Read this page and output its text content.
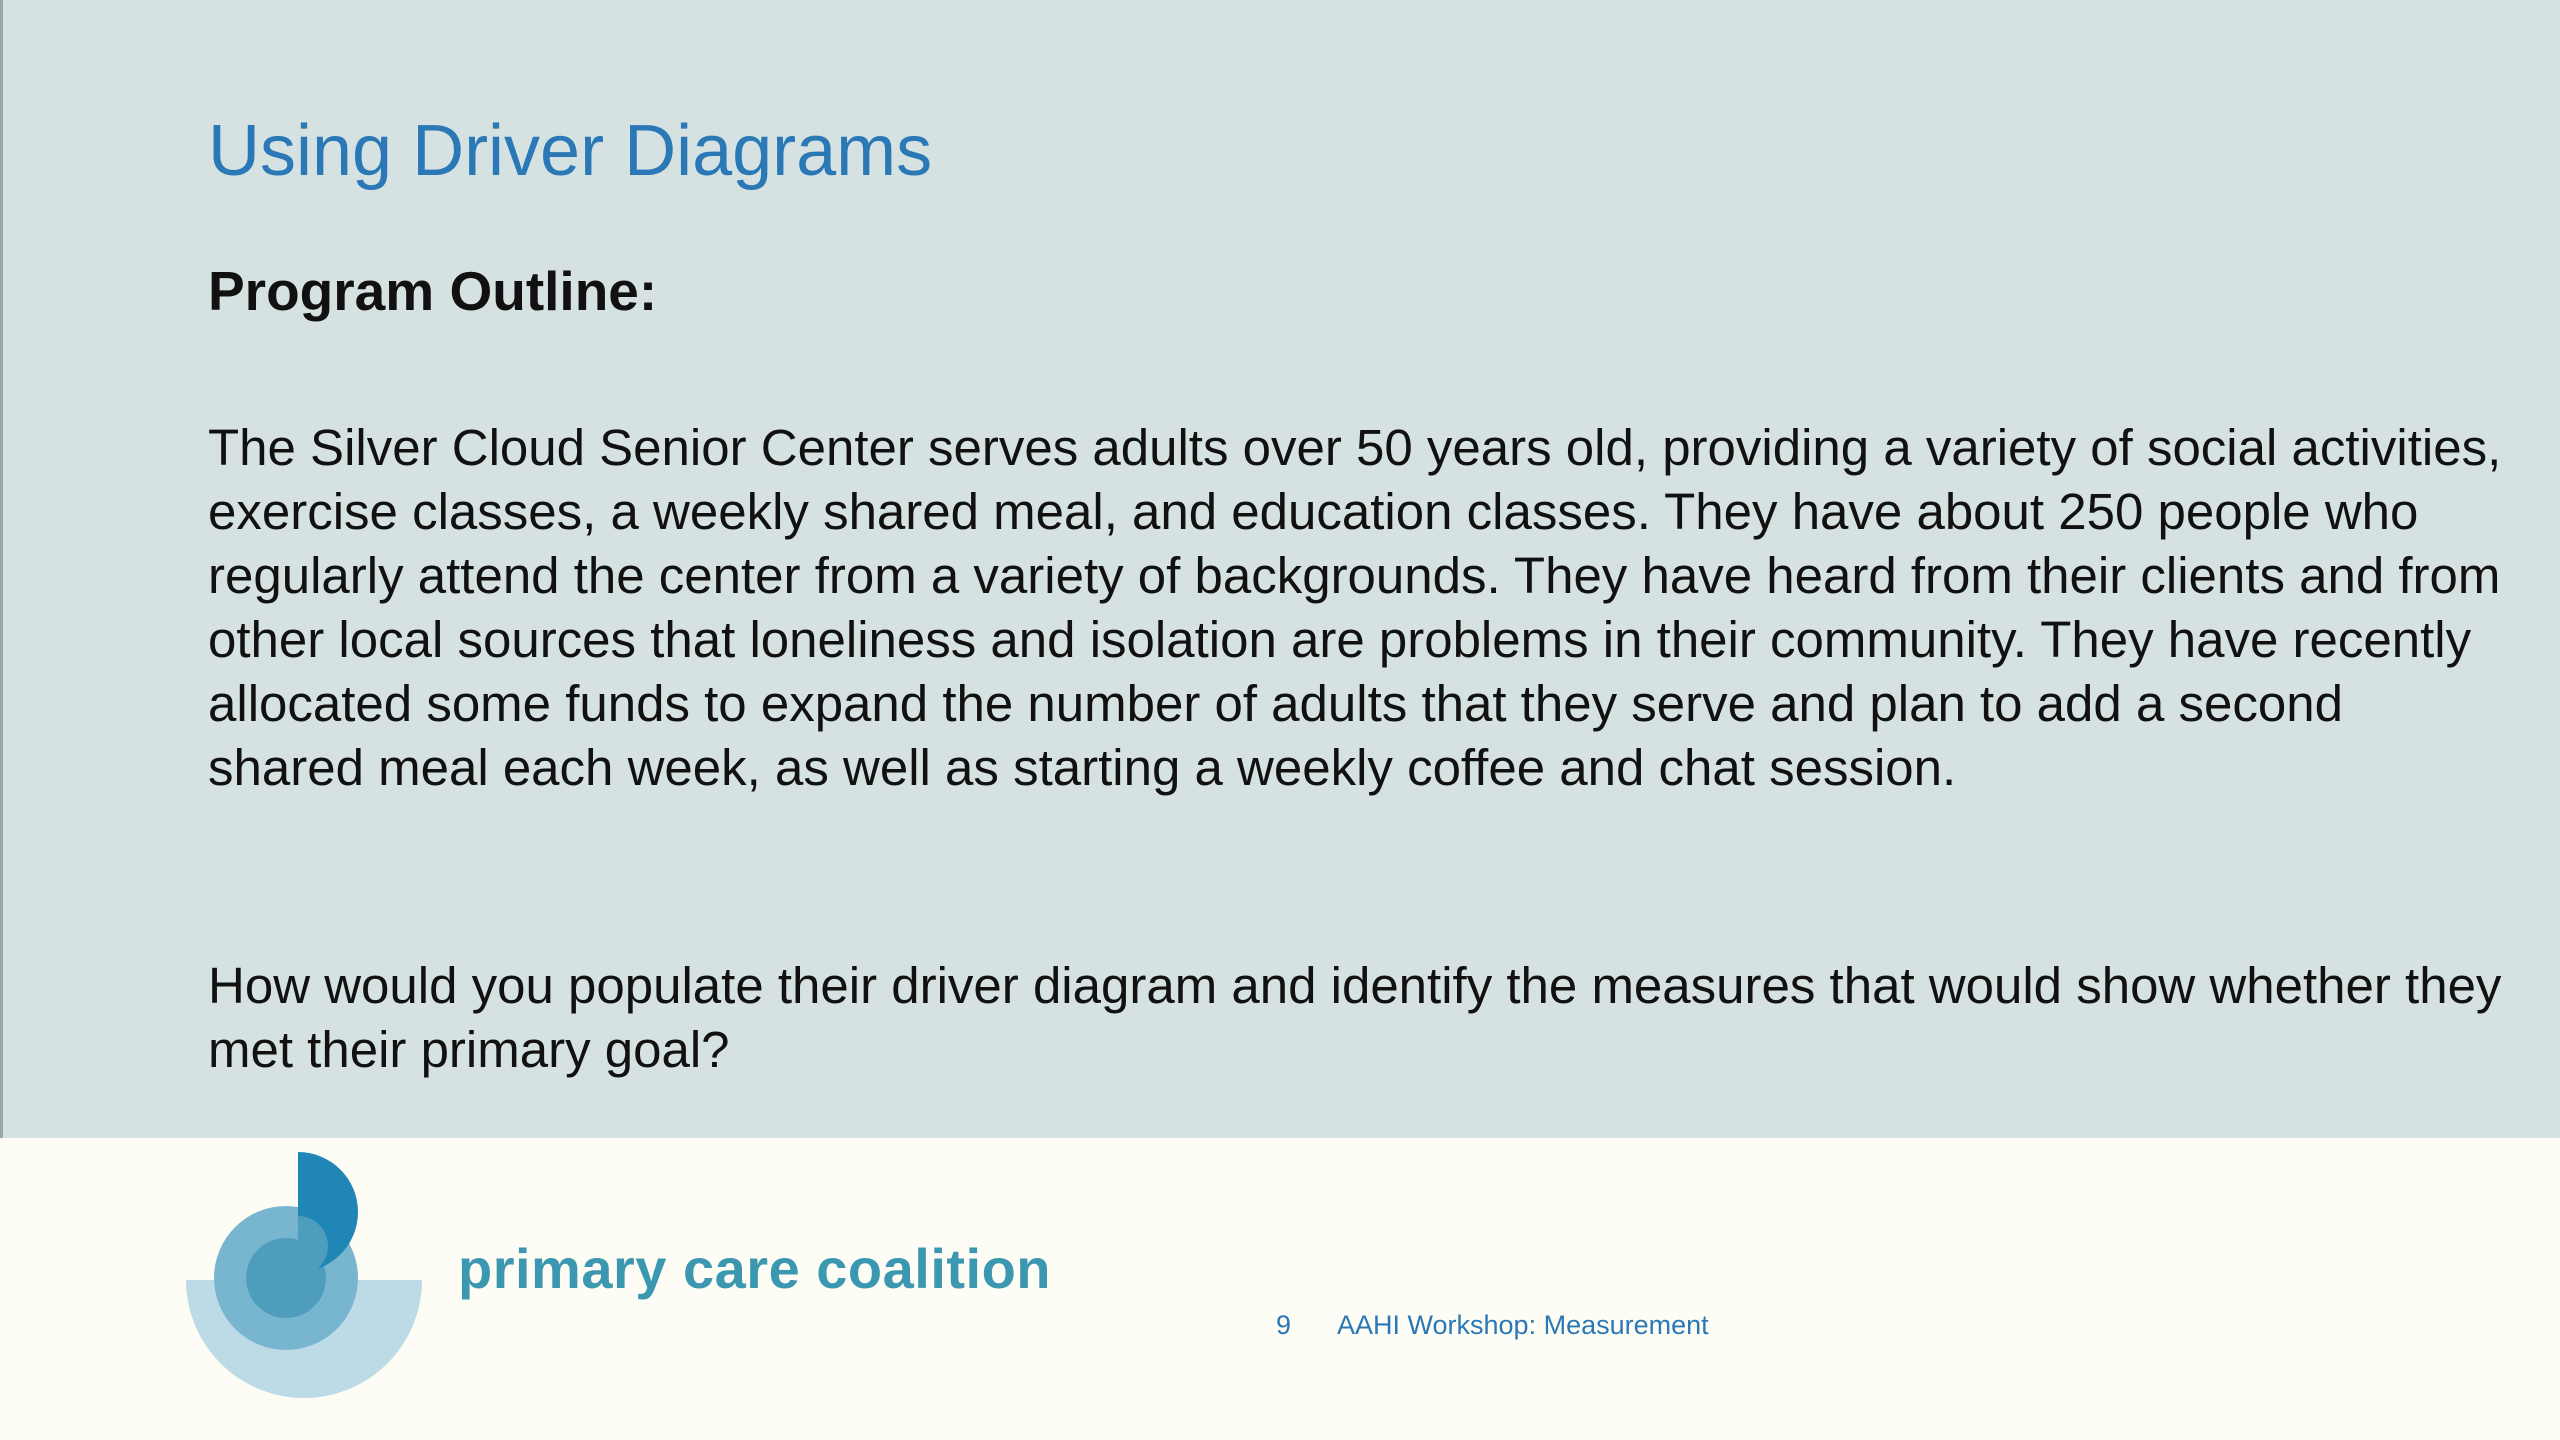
Using Driver Diagrams
Program Outline:

The Silver Cloud Senior Center serves adults over 50 years old, providing a variety of social activities, exercise classes, a weekly shared meal, and education classes. They have about 250 people who regularly attend the center from a variety of backgrounds. They have heard from their clients and from other local sources that loneliness and isolation are problems in their community. They have recently allocated some funds to expand the number of adults that they serve and plan to add a second shared meal each week, as well as starting a weekly coffee and chat session.

How would you populate their driver diagram and identify the measures that would show whether they met their primary goal?

primary care coalition
9 AAHI Workshop: Measurement
